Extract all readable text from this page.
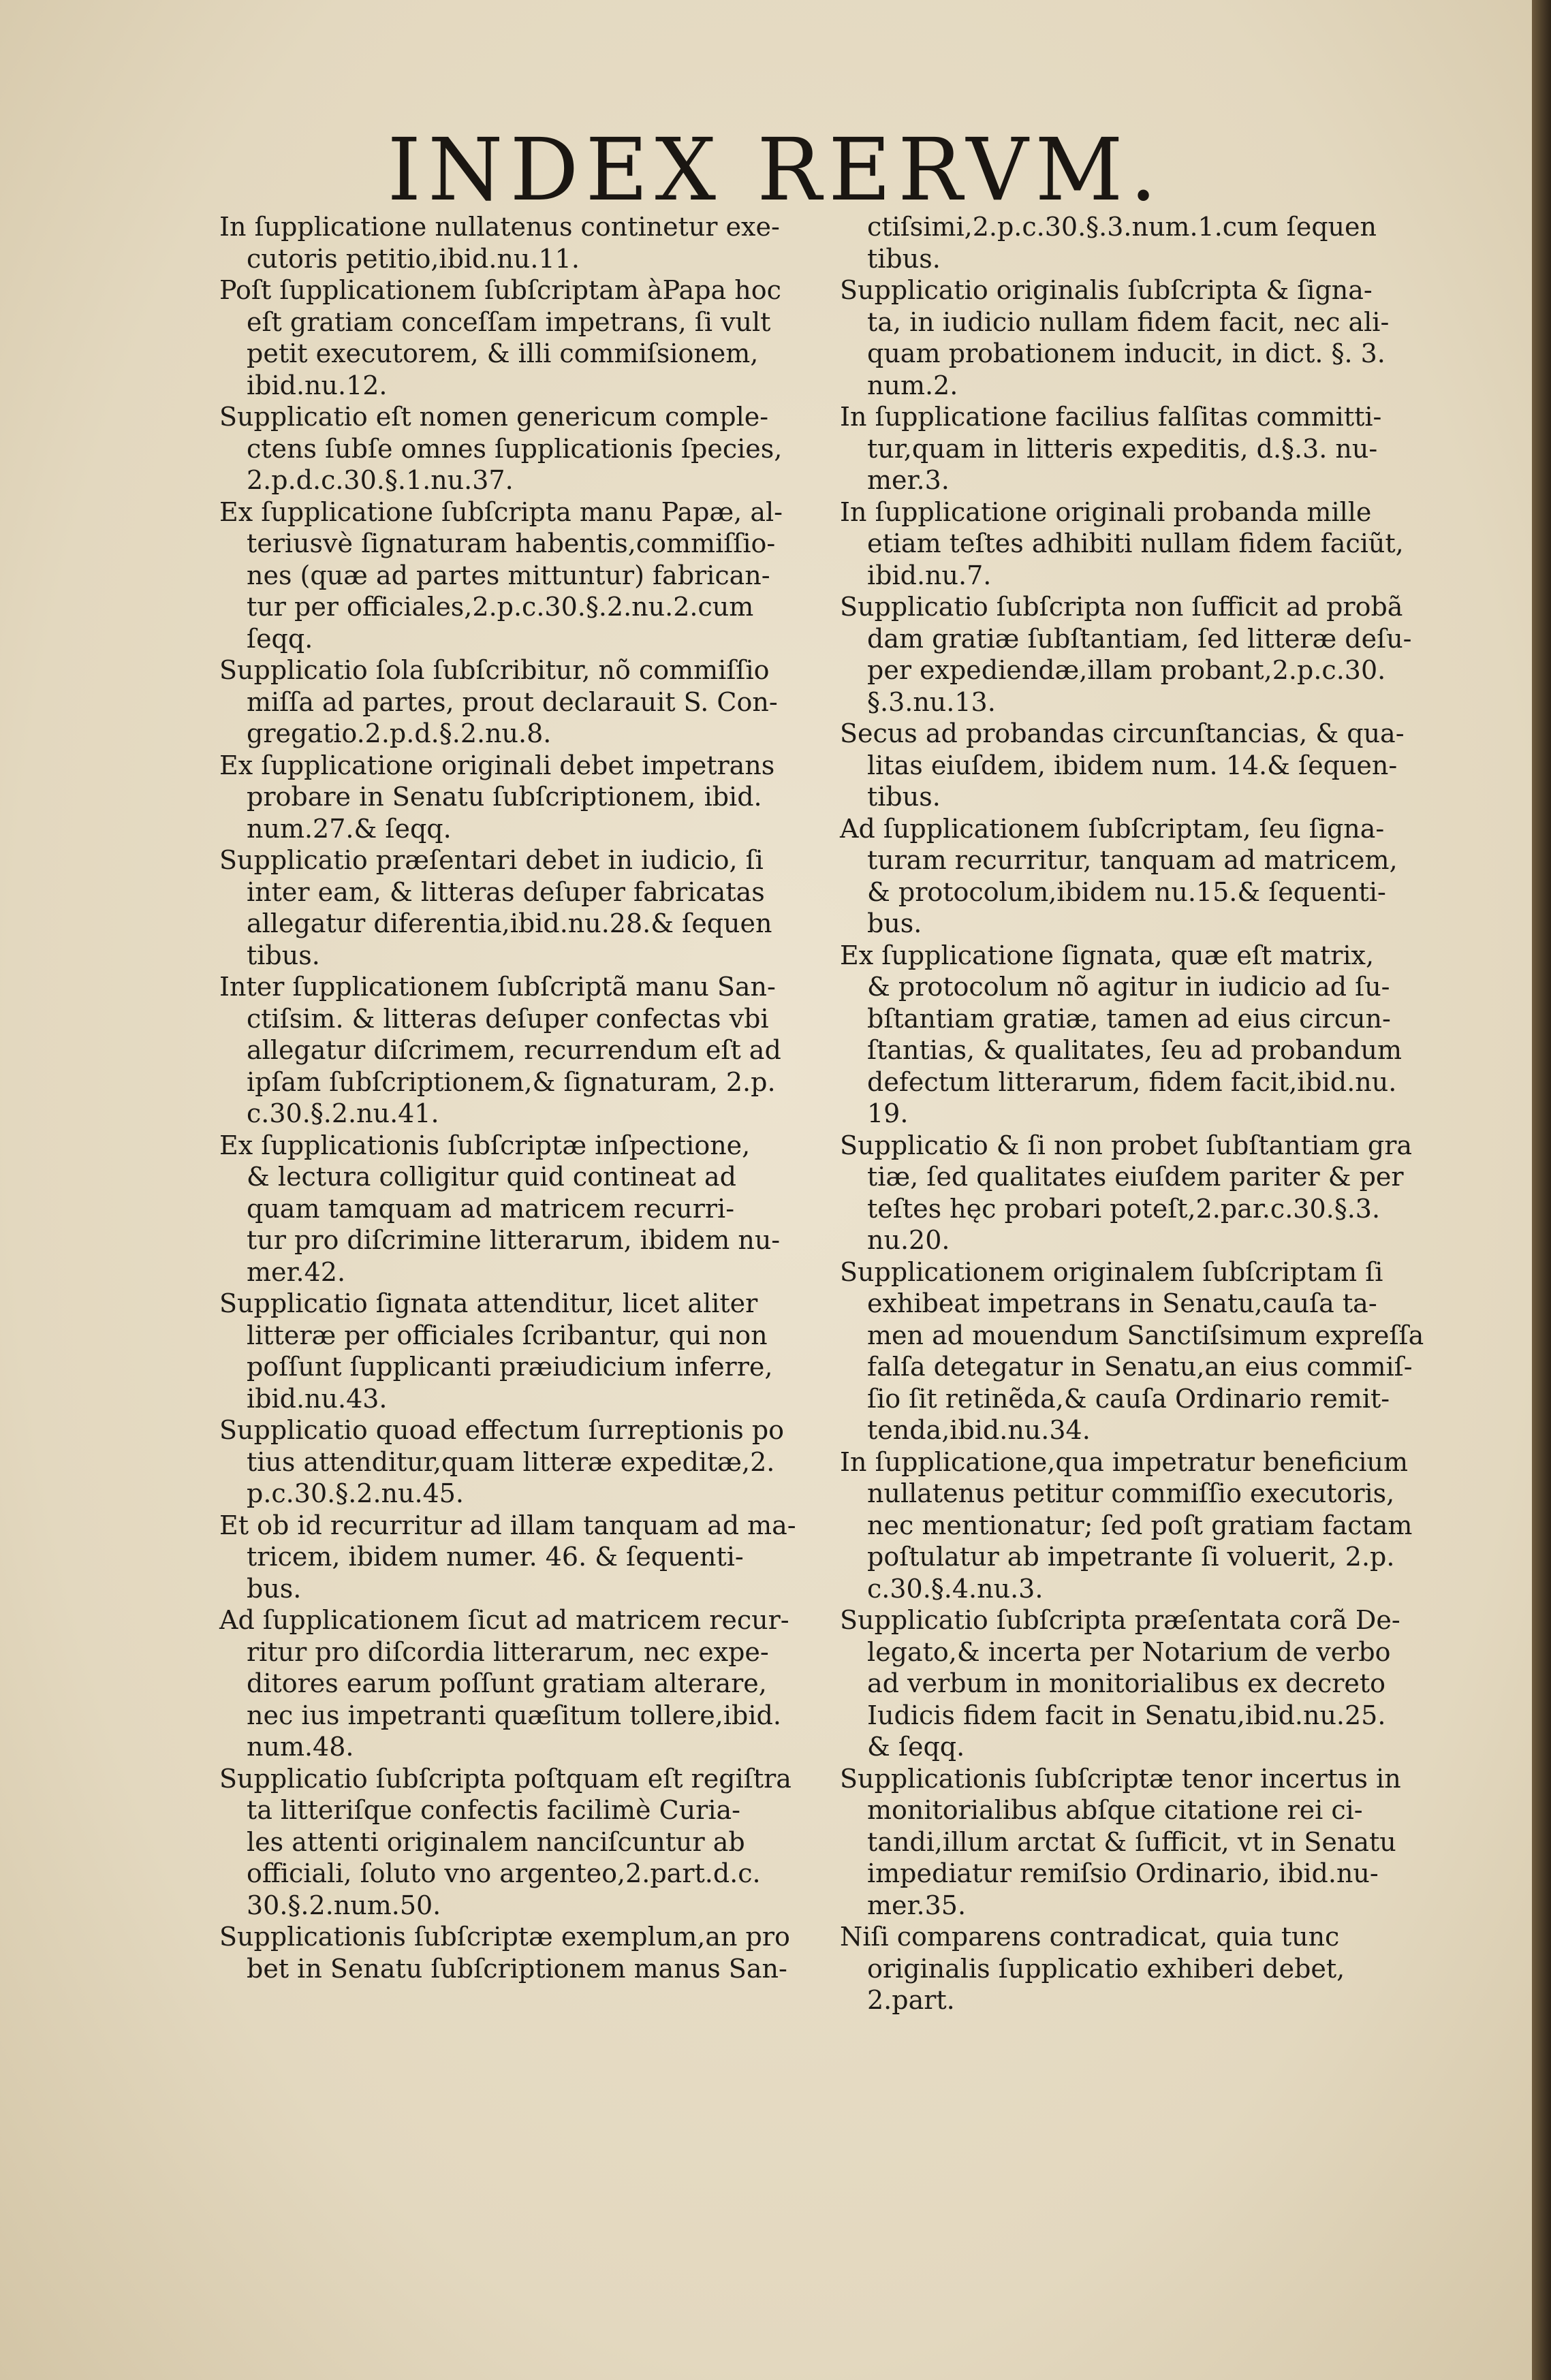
INDEX RERVM.
In ſupplicatione nullatenus continetur exe-
cutoris petitio,ibid.nu.11.
Poſt ſupplicationem ſubſcriptam àPapa hoc
eſt gratiam conceſſam impetrans, ſi vult
petit executorem, & illi commiſsionem,
ibid.nu.12.
Supplicatio eſt nomen genericum comple-
ctens ſubſe omnes ſupplicationis ſpecies,
2.p.d.c.30.§.1.nu.37.
Ex ſupplicatione ſubſcripta manu Papæ, al-
teriusvè ſignaturam habentis,commiſſio-
nes (quæ ad partes mittuntur) fabrican-
tur per officiales,2.p.c.30.§.2.nu.2.cum
ſeqq.
Supplicatio ſola ſubſcribitur, nõ commiſſio
miſſa ad partes, prout declarauit S. Con-
gregatio.2.p.d.§.2.nu.8.
Ex ſupplicatione originali debet impetrans
probare in Senatu ſubſcriptionem, ibid.
num.27.& ſeqq.
Supplicatio præſentari debet in iudicio, ſi
inter eam, & litteras deſuper fabricatas
allegatur diferentia,ibid.nu.28.& ſequen
tibus.
Inter ſupplicationem ſubſcriptã manu San-
ctiſsim. & litteras deſuper confectas vbi
allegatur diſcrimem, recurrendum eſt ad
ipſam ſubſcriptionem,& ſignaturam, 2.p.
c.30.§.2.nu.41.
Ex ſupplicationis ſubſcriptæ inſpectione,
& lectura colligitur quid contineat ad
quam tamquam ad matricem recurri-
tur pro diſcrimine litterarum, ibidem nu-
mer.42.
Supplicatio ſignata attenditur, licet aliter
litteræ per officiales ſcribantur, qui non
poſſunt ſupplicanti præiudicium inferre,
ibid.nu.43.
Supplicatio quoad effectum ſurreptionis po
tius attenditur,quam litteræ expeditæ,2.
p.c.30.§.2.nu.45.
Et ob id recurritur ad illam tanquam ad ma-
tricem, ibidem numer. 46. & ſequenti-
bus.
Ad ſupplicationem ſicut ad matricem recur-
ritur pro diſcordia litterarum, nec expe-
ditores earum poſſunt gratiam alterare,
nec ius impetranti quæſitum tollere,ibid.
num.48.
Supplicatio ſubſcripta poſtquam eſt regiſtra
ta litteriſque confectis facilimè Curia-
les attenti originalem nanciſcuntur ab
officiali, ſoluto vno argenteo,2.part.d.c.
30.§.2.num.50.
Supplicationis ſubſcriptæ exemplum,an pro
bet in Senatu ſubſcriptionem manus San-
ctiſsimi,2.p.c.30.§.3.num.1.cum ſequen
tibus.
Supplicatio originalis ſubſcripta & ſigna-
ta, in iudicio nullam fidem facit, nec ali-
quam probationem inducit, in dict. §. 3.
num.2.
In ſupplicatione facilius falſitas committi-
tur,quam in litteris expeditis, d.§.3. nu-
mer.3.
In ſupplicatione originali probanda mille
etiam teſtes adhibiti nullam fidem faciũt,
ibid.nu.7.
Supplicatio ſubſcripta non ſufficit ad probã
dam gratiæ ſubſtantiam, ſed litteræ deſu-
per expediendæ,illam probant,2.p.c.30.
§.3.nu.13.
Secus ad probandas circunſtancias, & qua-
litas eiuſdem, ibidem num. 14.& ſequen-
tibus.
Ad ſupplicationem ſubſcriptam, ſeu ſigna-
turam recurritur, tanquam ad matricem,
& protocolum,ibidem nu.15.& ſequenti-
bus.
Ex ſupplicatione ſignata, quæ eſt matrix,
& protocolum nõ agitur in iudicio ad ſu-
bſtantiam gratiæ, tamen ad eius circun-
ſtantias, & qualitates, ſeu ad probandum
defectum litterarum, fidem facit,ibid.nu.
19.
Supplicatio & ſi non probet ſubſtantiam gra
tiæ, ſed qualitates eiuſdem pariter & per
teſtes hęc probari poteſt,2.par.c.30.§.3.
nu.20.
Supplicationem originalem ſubſcriptam ſi
exhibeat impetrans in Senatu,cauſa ta-
men ad mouendum Sanctiſsimum expreſſa
falſa detegatur in Senatu,an eius commiſ-
ſio ſit retinẽda,& cauſa Ordinario remit-
tenda,ibid.nu.34.
In ſupplicatione,qua impetratur beneficium
nullatenus petitur commiſſio executoris,
nec mentionatur; ſed poſt gratiam factam
poſtulatur ab impetrante ſi voluerit, 2.p.
c.30.§.4.nu.3.
Supplicatio ſubſcripta præſentata corã De-
legato,& incerta per Notarium de verbo
ad verbum in monitorialibus ex decreto
Iudicis fidem facit in Senatu,ibid.nu.25.
& ſeqq.
Supplicationis ſubſcriptæ tenor incertus in
monitorialibus abſque citatione rei ci-
tandi,illum arctat & ſufficit, vt in Senatu
impediatur remiſsio Ordinario, ibid.nu-
mer.35.
Niſi comparens contradicat, quia tunc
originalis ſupplicatio exhiberi debet,
2.part.
